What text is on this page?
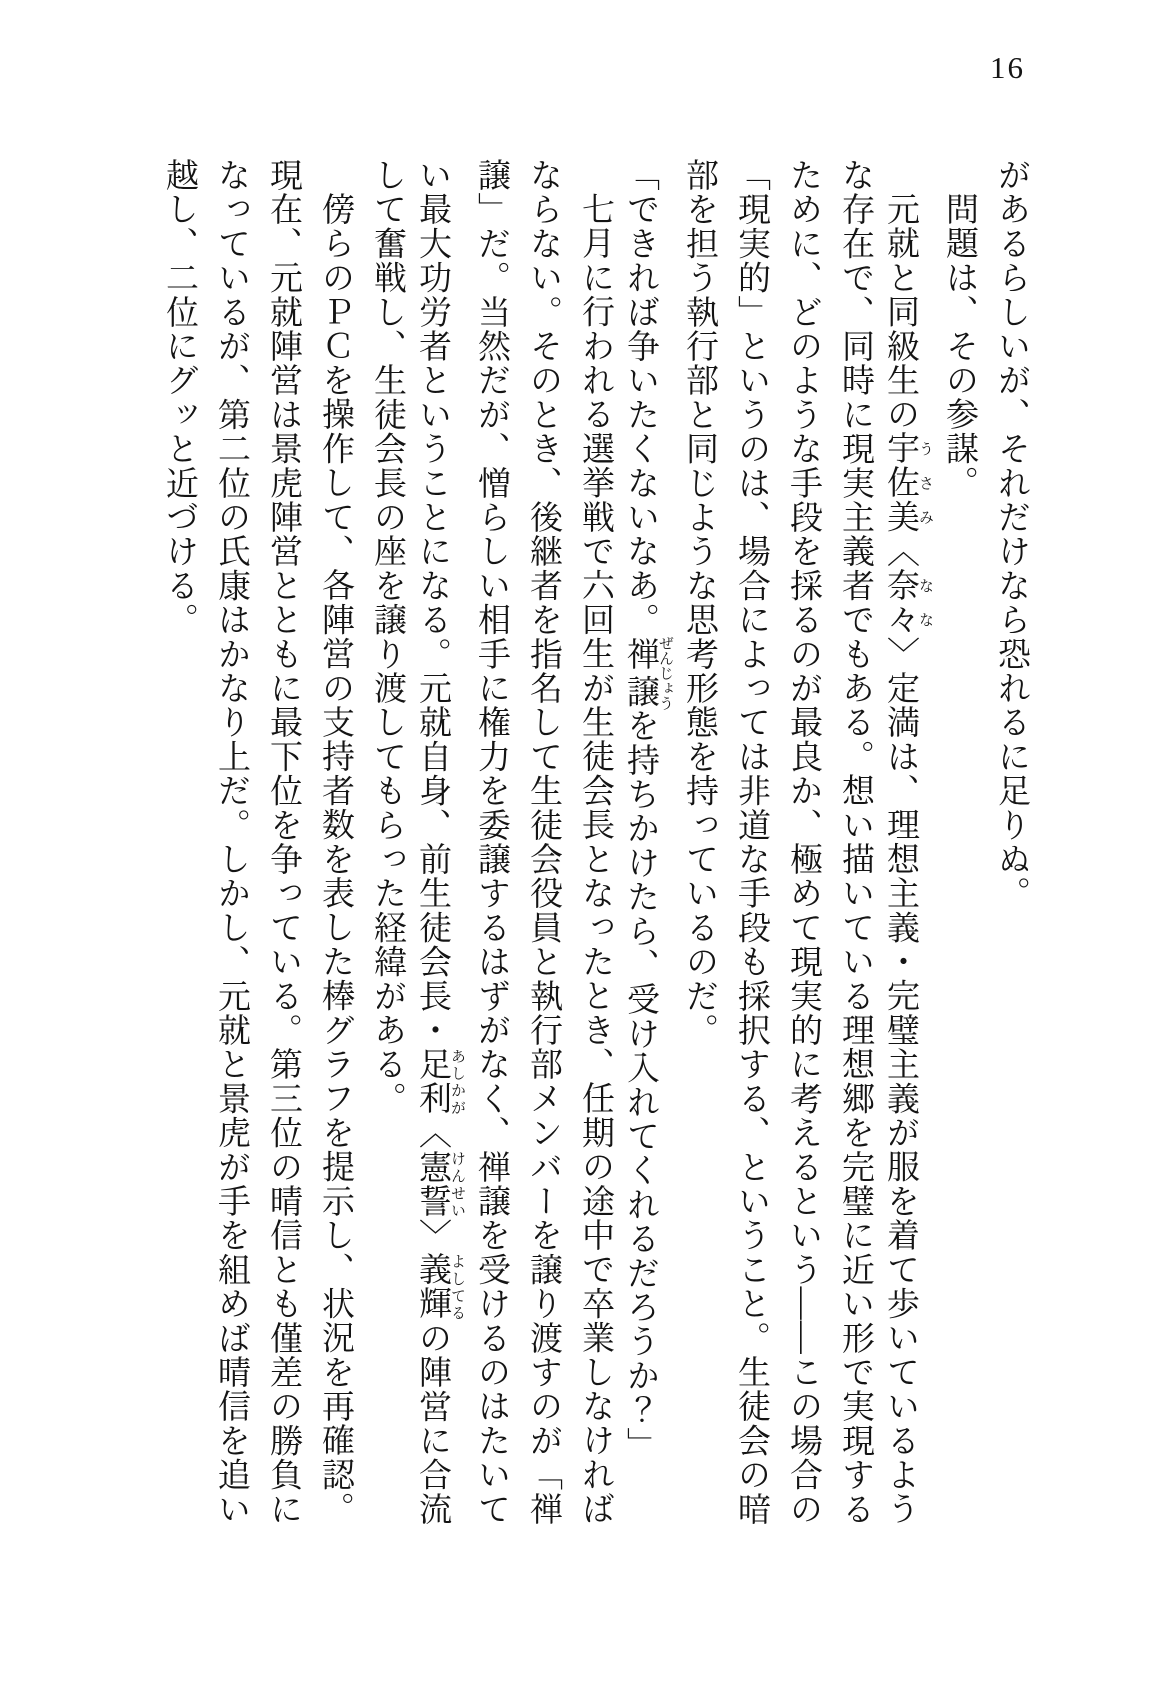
16
があるらしいが、それだけなら恐れるに足りぬ。
問題は、その参謀。
元就と同級生の宇佐美 うさみ〈奈々 なな〉定満は、理想主義・完璧主義が服を着て歩いているよう
な存在で、同時に現実主義者でもある。想い描いている理想郷を完璧に近い形で実現する
ために、どのような手段を採るのが最良か、極めて現実的に考えるという――この場合の
「現実的」というのは、場合によっては非道な手段も採択する、ということ。生徒会の暗
部を担う執行部と同じような思考形態を持っているのだ。
「できれば争いたくないなあ。禅譲 ぜんじょうを持ちかけたら、受け入れてくれるだろうか？」
七月に行われる選挙戦で六回生が生徒会長となったとき、任期の途中で卒業しなければ
ならない。そのとき、後継者を指名して生徒会役員と執行部メンバーを譲り渡すのが「禅
譲」だ。当然だが、憎らしい相手に権力を委譲するはずがなく、禅譲を受けるのはたいて
い最大功労者ということになる。元就自身、前生徒会長・足利 あしかが〈憲誓 けんせい〉義輝 よしてるの陣営に合流
して奮戦し、生徒会長の座を譲り渡してもらった経緯がある。
傍らのＰＣを操作して、各陣営の支持者数を表した棒グラフを提示し、状況を再確認。
現在、元就陣営は景虎陣営とともに最下位を争っている。第三位の晴信とも僅差の勝負に
なっているが、第二位の氏康はかなり上だ。しかし、元就と景虎が手を組めば晴信を追い
越し、二位にグッと近づける。
